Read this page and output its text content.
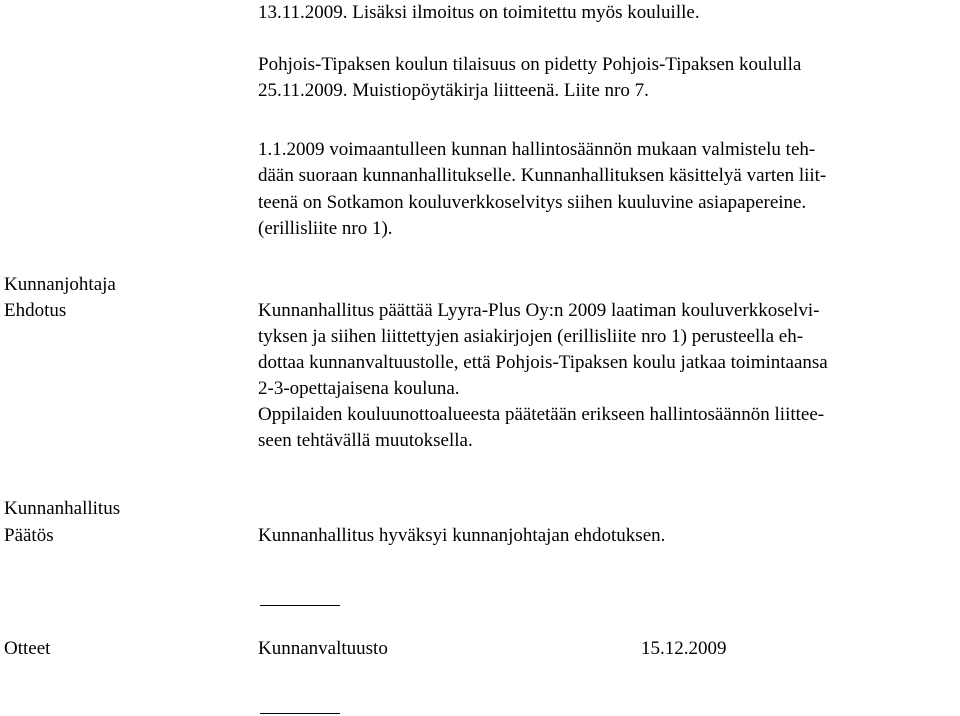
13.11.2009. Lisäksi ilmoitus on toimitettu myös kouluille.
Pohjois-Tipaksen koulun tilaisuus on pidetty Pohjois-Tipaksen koululla
25.11.2009. Muistiopöytäkirja liitteenä. Liite nro 7.
1.1.2009 voimaantulleen kunnan hallintosäännön mukaan valmistelu teh-
dään suoraan kunnanhallitukselle. Kunnanhallituksen käsittelyä varten liit-
teenä on Sotkamon kouluverkkoselvitys siihen kuuluvine asiapapereine.
(erillisliite nro 1).
Kunnanjohtaja
Ehdotus	Kunnanhallitus päättää Lyyra-Plus Oy:n 2009 laatiman kouluverkkoselvi-
tyksen ja siihen liittettyjen asiakirjojen (erillisliite nro 1) perusteella eh-
dottaa kunnanvaltuustolle, että Pohjois-Tipaksen koulu jatkaa toimintaansa
2-3-opettajaisena kouluna.
Oppilaiden kouluunottoalueesta päätetään erikseen hallintosäännön liittee-
seen tehtävällä muutoksella.
Kunnanhallitus
Päätös	Kunnanhallitus hyväksyi kunnanjohtajan ehdotuksen.
Otteet	Kunnanvaltuusto	15.12.2009
